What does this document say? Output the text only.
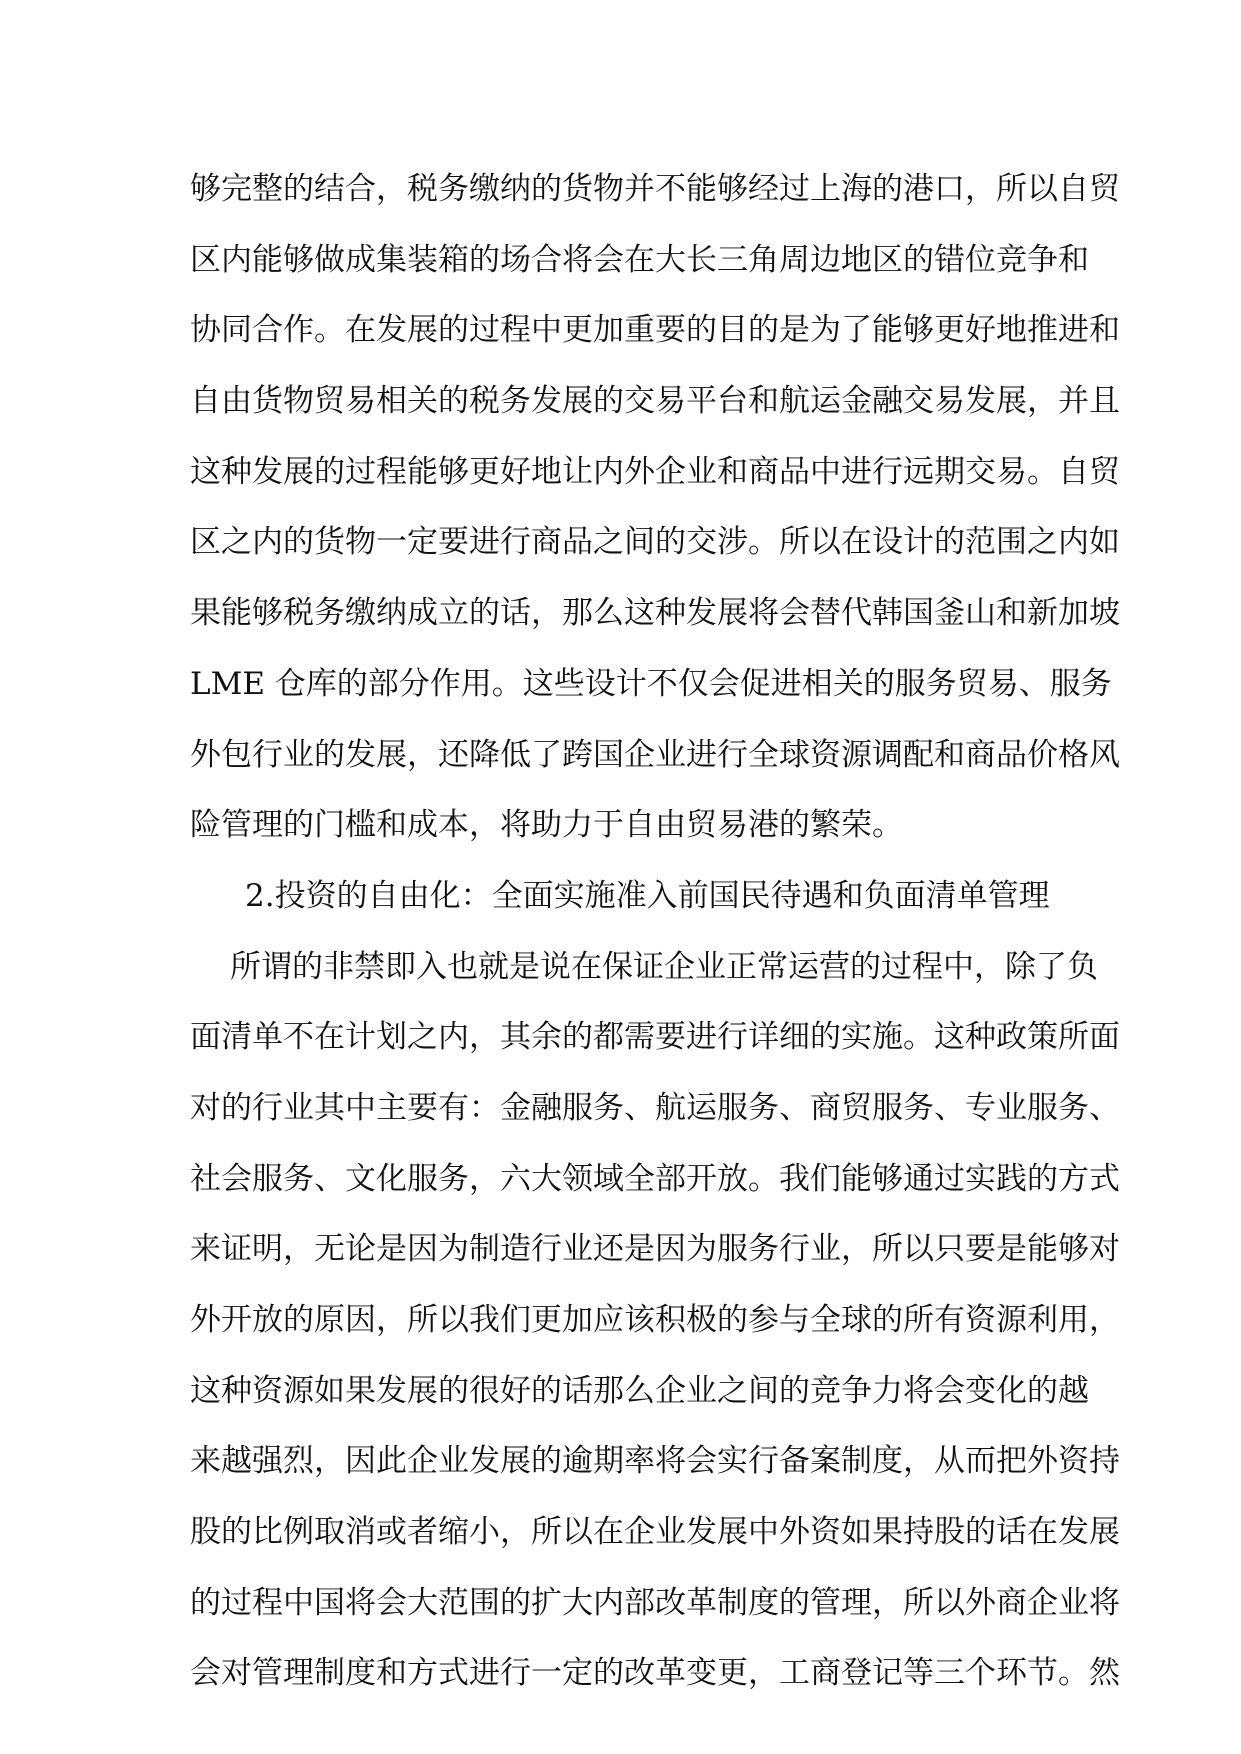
够完整的结合，税务缴纳的货物并不能够经过上海的港口，所以自贸
区内能够做成集装箱的场合将会在大长三角周边地区的错位竞争和
协同合作。在发展的过程中更加重要的目的是为了能够更好地推进和
自由货物贸易相关的税务发展的交易平台和航运金融交易发展，并且
这种发展的过程能够更好地让内外企业和商品中进行远期交易。自贸
区之内的货物一定要进行商品之间的交涉。所以在设计的范围之内如
果能够税务缴纳成立的话，那么这种发展将会替代韩国釜山和新加坡
LME 仓库的部分作用。这些设计不仅会促进相关的服务贸易、服务
外包行业的发展，还降低了跨国企业进行全球资源调配和商品价格风
险管理的门槛和成本，将助力于自由贸易港的繁荣。
2.投资的自由化：全面实施准入前国民待遇和负面清单管理
所谓的非禁即入也就是说在保证企业正常运营的过程中，除了负
面清单不在计划之内，其余的都需要进行详细的实施。这种政策所面
对的行业其中主要有：金融服务、航运服务、商贸服务、专业服务、
社会服务、文化服务，六大领域全部开放。我们能够通过实践的方式
来证明，无论是因为制造行业还是因为服务行业，所以只要是能够对
外开放的原因，所以我们更加应该积极的参与全球的所有资源利用，
这种资源如果发展的很好的话那么企业之间的竞争力将会变化的越
来越强烈，因此企业发展的逾期率将会实行备案制度，从而把外资持
股的比例取消或者缩小，所以在企业发展中外资如果持股的话在发展
的过程中国将会大范围的扩大内部改革制度的管理，所以外商企业将
会对管理制度和方式进行一定的改革变更，工商登记等三个环节。然
